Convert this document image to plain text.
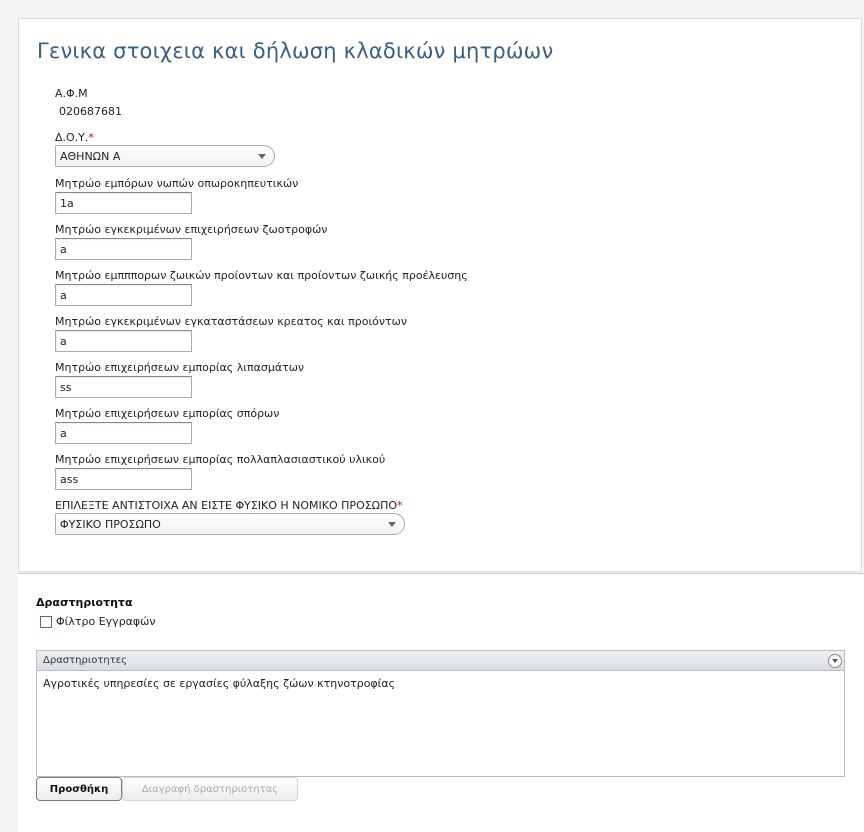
Γενικα στοιχεια και δήλωση κλαδικών μητρώων
Α.Φ.Μ
020687681
Δ.Ο.Υ.*
ΑΘΗΝΩΝ Α
Μητρώο εμπόρων νωπών οπωροκηπευτικών
1a
Μητρώο εγκεκριμένων επιχειρήσεων ζωοτροφών
a
Μητρώο εμπππορων ζωικών προίοντων και προίοντων ζωικής προέλευσης
a
Μητρώο εγκεκριμένων εγκαταστάσεων κρεατος και προιόντων
a
Μητρώο επιχειρήσεων εμπορίας λιπασμάτων
ss
Μητρώο επιχειρήσεων εμπορίας σπόρων
a
Μητρώο επιχειρήσεων εμπορίας πολλαπλασιαστικού υλικού
ass
ΕΠΙΛΕΞΤΕ ΑΝΤΙΣΤΟΙΧΑ ΑΝ ΕΙΣΤΕ ΦΥΣΙΚΟ Η ΝΟΜΙΚΟ ΠΡΟΣΩΠΟ*
ΦΥΣΙΚΟ ΠΡΟΣΩΠΟ
Δραστηριοτητα
Φίλτρο Εγγραφών
Δραστηριοτητες
Αγροτικές υπηρεσίες σε εργασίες φύλαξης ζώων κτηνοτροφίας
Προσθήκη	Διαγραφή δραστηριοτητας
